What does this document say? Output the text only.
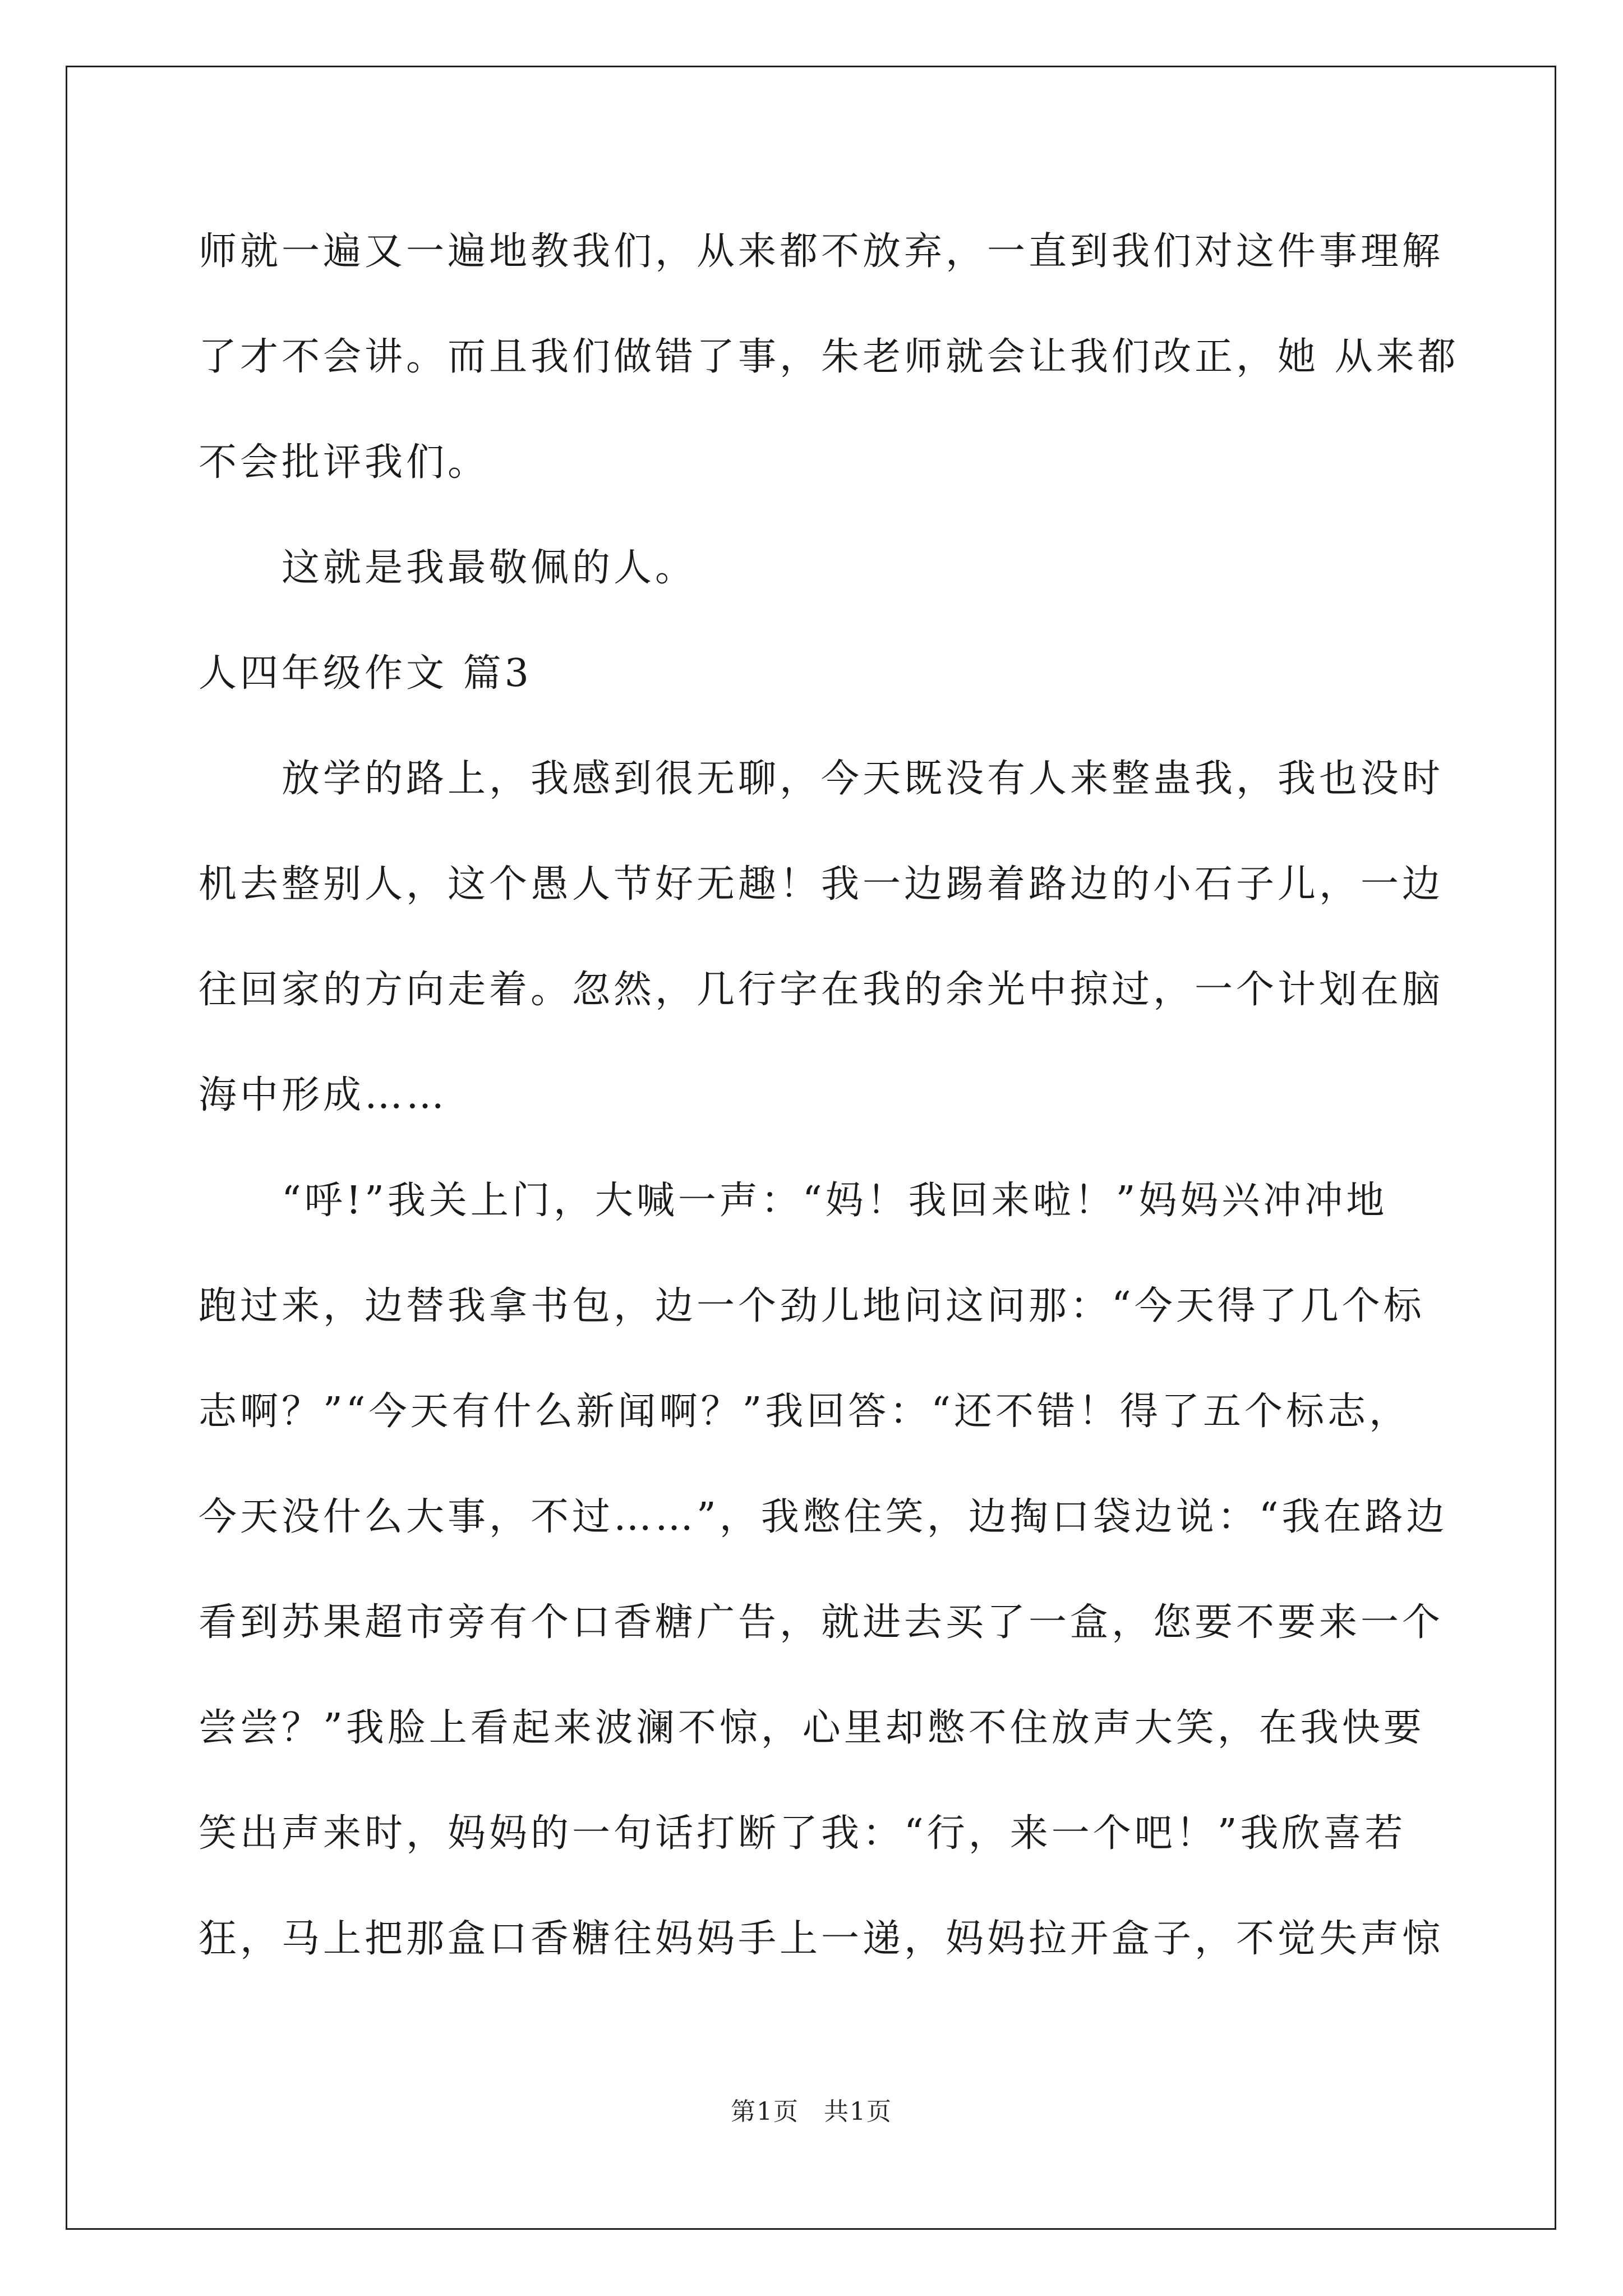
师就一遍又一遍地教我们，从来都不放弃，一直到我们对这件事理解
了才不会讲。而且我们做错了事，朱老师就会让我们改正，她 从来都
不会批评我们。
这就是我最敬佩的人。
人四年级作文 篇3
放学的路上，我感到很无聊，今天既没有人来整蛊我，我也没时
机去整别人，这个愚人节好无趣！我一边踢着路边的小石子儿，一边
往回家的方向走着。忽然，几行字在我的余光中掠过，一个计划在脑
海中形成……
“呼!”我关上门，大喊一声：“妈！我回来啦！”妈妈兴冲冲地
跑过来，边替我拿书包，边一个劲儿地问这问那：“今天得了几个标
志啊？”“今天有什么新闻啊？”我回答：“还不错！得了五个标志，
今天没什么大事，不过……”，我憋住笑，边掏口袋边说：“我在路边
看到苏果超市旁有个口香糖广告，就进去买了一盒，您要不要来一个
尝尝？”我脸上看起来波澜不惊，心里却憋不住放声大笑，在我快要
笑出声来时，妈妈的一句话打断了我：“行，来一个吧！”我欣喜若
狂，马上把那盒口香糖往妈妈手上一递，妈妈拉开盒子，不觉失声惊
第1页 共1页
